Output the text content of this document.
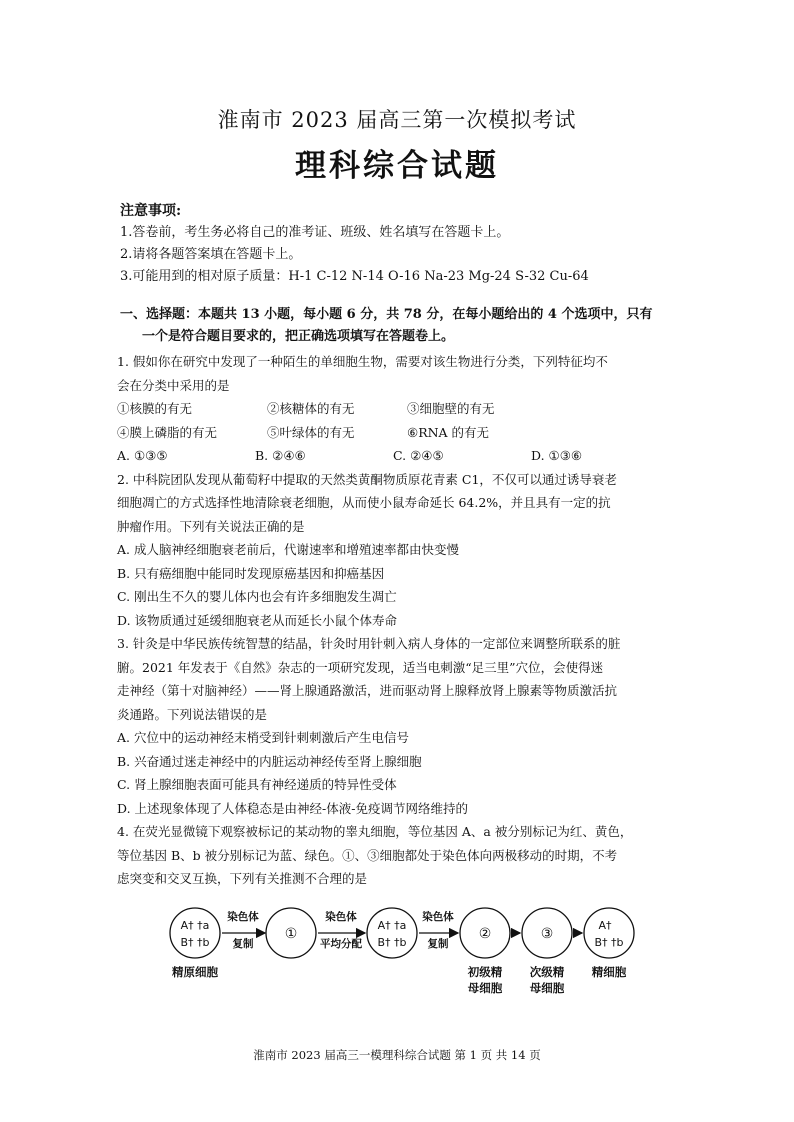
淮南市 2023 届高三第一次模拟考试
理科综合试题
注意事项:
1.答卷前，考生务必将自己的准考证、班级、姓名填写在答题卡上。
2.请将各题答案填在答题卡上。
3.可能用到的相对原子质量：H-1 C-12 N-14 O-16 Na-23 Mg-24 S-32 Cu-64
一、选择题：本题共 13 小题，每小题 6 分，共 78 分，在每小题给出的 4 个选项中，只有
一个是符合题目要求的，把正确选项填写在答题卷上。

1. 假如你在研究中发现了一种陌生的单细胞生物，需要对该生物进行分类，下列特征均不

会在分类中采用的是

①核膜的有无	②核糖体的有无	③细胞壁的有无
④膜上磷脂的有无	⑤叶绿体的有无	⑥RNA 的有无
A. ①③⑤	B. ②④⑥	C. ②④⑤	D. ①③⑥

2. 中科院团队发现从葡萄籽中提取的天然类黄酮物质原花青素 C1，不仅可以通过诱导衰老

细胞凋亡的方式选择性地清除衰老细胞，从而使小鼠寿命延长 64.2%，并且具有一定的抗

肿瘤作用。下列有关说法正确的是

A. 成人脑神经细胞衰老前后，代谢速率和增殖速率都由快变慢

B. 只有癌细胞中能同时发现原癌基因和抑癌基因

C. 刚出生不久的婴儿体内也会有许多细胞发生凋亡

D. 该物质通过延缓细胞衰老从而延长小鼠个体寿命

3. 针灸是中华民族传统智慧的结晶，针灸时用针刺入病人身体的一定部位来调整所联系的脏

腑。2021 年发表于《自然》杂志的一项研究发现，适当电刺激“足三里”穴位，会使得迷

走神经（第十对脑神经）——肾上腺通路激活，进而驱动肾上腺释放肾上腺素等物质激活抗

炎通路。下列说法错误的是

A. 穴位中的运动神经末梢受到针刺刺激后产生电信号

B. 兴奋通过迷走神经中的内脏运动神经传至肾上腺细胞

C. 肾上腺细胞表面可能具有神经递质的特异性受体

D. 上述现象体现了人体稳态是由神经-体液-免疫调节网络维持的

4. 在荧光显微镜下观察被标记的某动物的睾丸细胞，等位基因 A、a 被分别标记为红、黄色，

等位基因 B、b 被分别标记为蓝、绿色。①、③细胞都处于染色体向两极移动的时期，不考

虑突变和交叉互换，下列有关推测不合理的是

A† †a
B† †b
精原细胞
染色体
复制
①
染色体
平均分配
A† †a
B† †b
染色体
复制
②
初级精
母细胞
③
次级精
母细胞
A†
B† †b
精细胞
淮南市 2023 届高三一模理科综合试题 第 1 页 共 14 页
